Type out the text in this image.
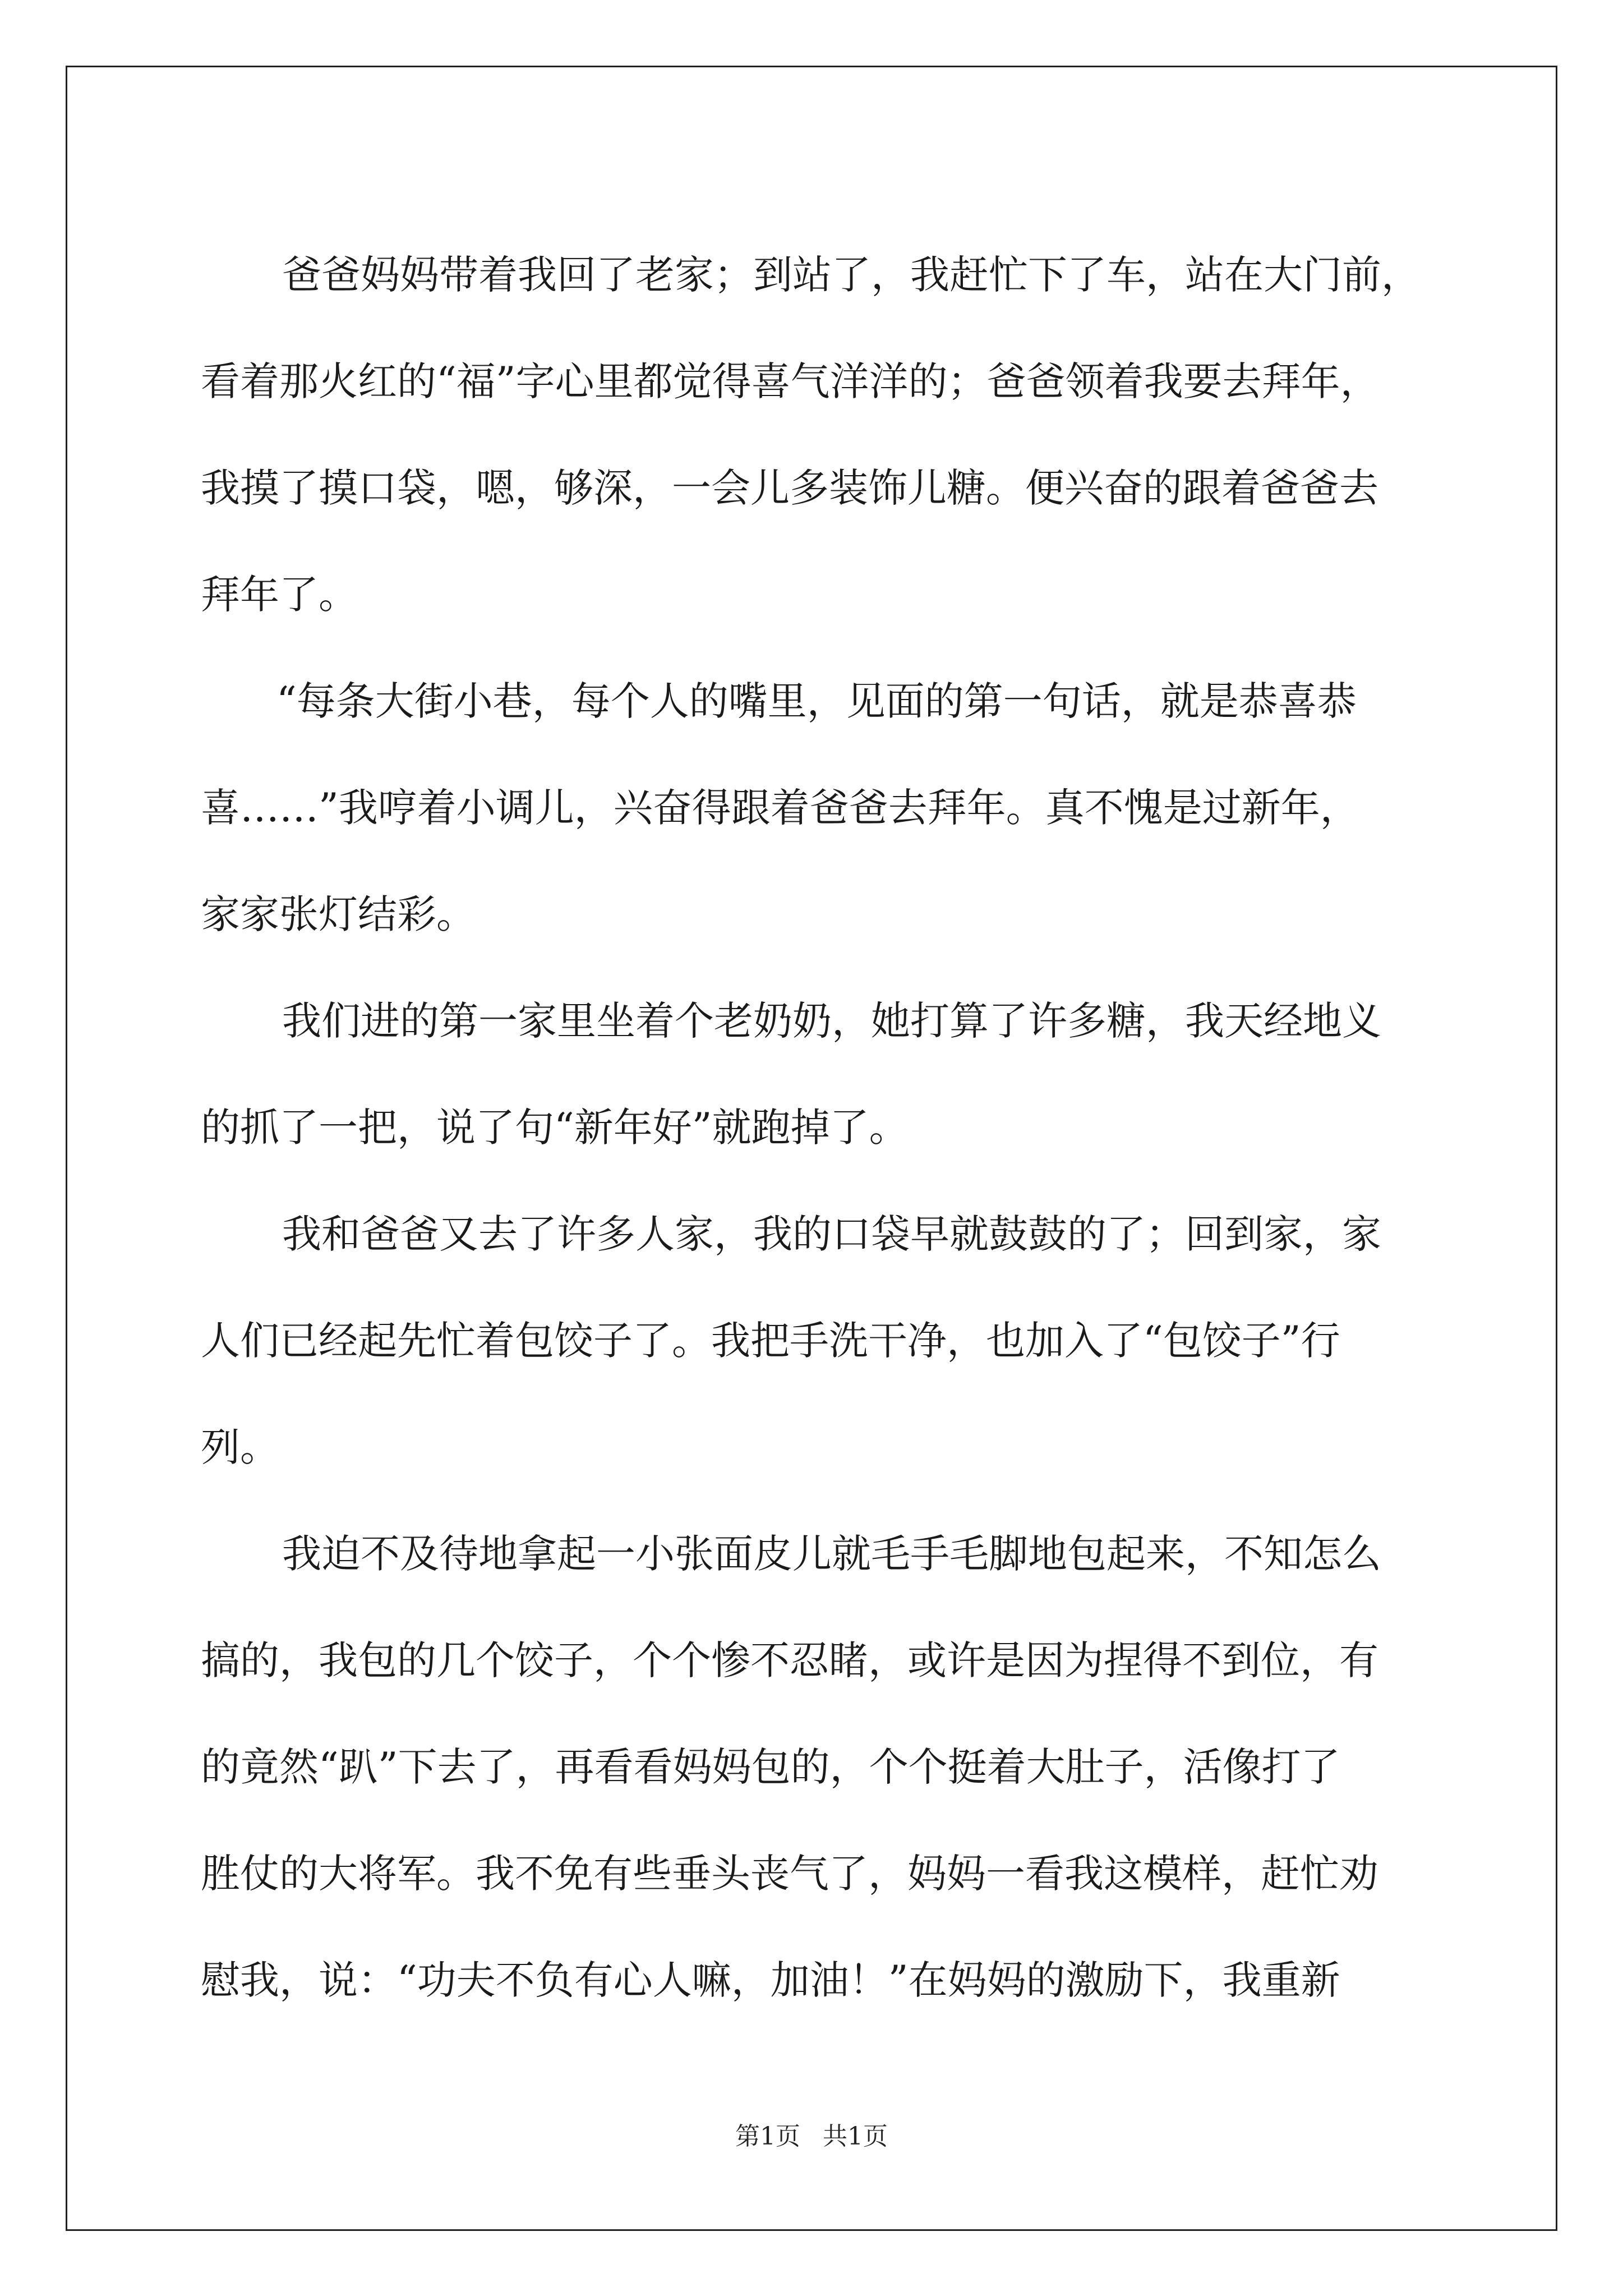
爸爸妈妈带着我回了老家；到站了，我赶忙下了车，站在大门前，
看着那火红的“福”字心里都觉得喜气洋洋的；爸爸领着我要去拜年，
我摸了摸口袋，嗯，够深，一会儿多装饰儿糖。便兴奋的跟着爸爸去
拜年了。

“每条大街小巷，每个人的嘴里，见面的第一句话，就是恭喜恭
喜……”我哼着小调儿，兴奋得跟着爸爸去拜年。真不愧是过新年，
家家张灯结彩。

我们进的第一家里坐着个老奶奶，她打算了许多糖，我天经地义
的抓了一把，说了句“新年好”就跑掉了。

我和爸爸又去了许多人家，我的口袋早就鼓鼓的了；回到家，家
人们已经起先忙着包饺子了。我把手洗干净，也加入了“包饺子”行
列。

我迫不及待地拿起一小张面皮儿就毛手毛脚地包起来，不知怎么
搞的，我包的几个饺子，个个惨不忍睹，或许是因为捏得不到位，有
的竟然“趴”下去了，再看看妈妈包的，个个挺着大肚子，活像打了
胜仗的大将军。我不免有些垂头丧气了，妈妈一看我这模样，赶忙劝
慰我，说：“功夫不负有心人嘛，加油！”在妈妈的激励下，我重新

第1页 共1页
